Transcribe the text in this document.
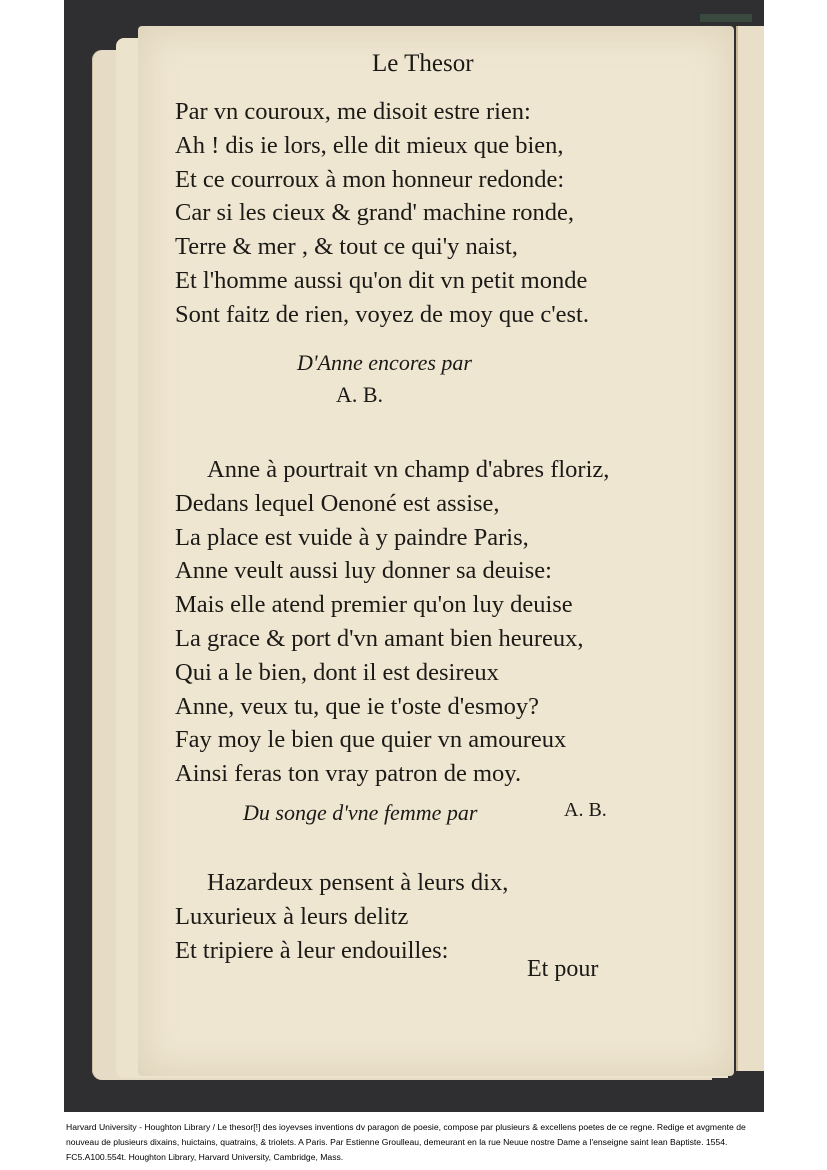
Le Thesor
Par vn couroux, me disoit estre rien:
Ah ! dis ie lors, elle dit mieux que bien,
Et ce courroux à mon honneur redonde:
Car si les cieux & grand' machine ronde,
Terre & mer , & tout ce qui'y naist,
Et l'homme aussi qu'on dit vn petit monde
Sont faitz de rien, voyez de moy que c'est.
D'Anne encores par
A. B.
Anne à pourtrait vn champ d'abres floriz,
Dedans lequel Oenoné est assise,
La place est vuide à y paindre Paris,
Anne veult aussi luy donner sa deuise:
Mais elle atend premier qu'on luy deuise
La grace & port d'vn amant bien heureux,
Qui a le bien, dont il est desireux
Anne, veux tu, que ie t'oste d'esmoy?
Fay moy le bien que quier vn amoureux
Ainsi feras ton vray patron de moy.
Du songe d'vne femme par	A. B.
Hazardeux pensent à leurs dix,
Luxurieux à leurs delitz
Et tripiere à leur endouilles:
Et pour
Harvard University - Houghton Library / Le thesor[!] des ioyevses inventions dv paragon de poesie, compose par plusieurs & excellens poetes de ce regne. Redige et avgmente de nouveau de plusieurs dixains, huictains, quatrains, & triolets. A Paris. Par Estienne Groulleau, demeurant en la rue Neuue nostre Dame a l'enseigne saint Iean Baptiste. 1554. FC5.A100.554t. Houghton Library, Harvard University, Cambridge, Mass.
